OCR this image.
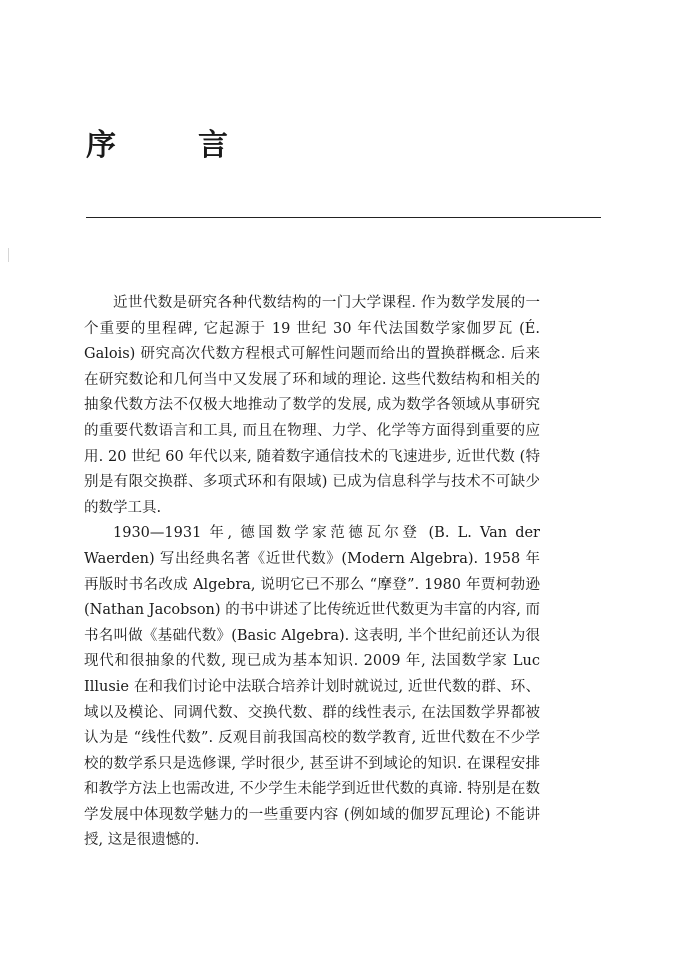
序　言

近世代数是研究各种代数结构的一门大学课程. 作为数学发展的一个重要的里程碑, 它起源于 19 世纪 30 年代法国数学家伽罗瓦 (É. Galois) 研究高次代数方程根式可解性问题而给出的置换群概念. 后来在研究数论和几何当中又发展了环和域的理论. 这些代数结构和相关的抽象代数方法不仅极大地推动了数学的发展, 成为数学各领域从事研究的重要代数语言和工具, 而且在物理、力学、化学等方面得到重要的应用. 20 世纪 60 年代以来, 随着数字通信技术的飞速进步, 近世代数 (特别是有限交换群、多项式环和有限域) 已成为信息科学与技术不可缺少的数学工具.

1930—1931 年, 德国数学家范德瓦尔登 (B. L. Van der Waerden) 写出经典名著《近世代数》(Modern Algebra). 1958 年再版时书名改成 Algebra, 说明它已不那么 “摩登”. 1980 年贾柯勃逊 (Nathan Jacobson) 的书中讲述了比传统近世代数更为丰富的内容, 而书名叫做《基础代数》(Basic Algebra). 这表明, 半个世纪前还认为很现代和很抽象的代数, 现已成为基本知识. 2009 年, 法国数学家 Luc Illusie 在和我们讨论中法联合培养计划时就说过, 近世代数的群、环、域以及模论、同调代数、交换代数、群的线性表示, 在法国数学界都被认为是 “线性代数”. 反观目前我国高校的数学教育, 近世代数在不少学校的数学系只是选修课, 学时很少, 甚至讲不到域论的知识. 在课程安排和教学方法上也需改进, 不少学生未能学到近世代数的真谛. 特别是在数学发展中体现数学魅力的一些重要内容 (例如域的伽罗瓦理论) 不能讲授, 这是很遗憾的.
